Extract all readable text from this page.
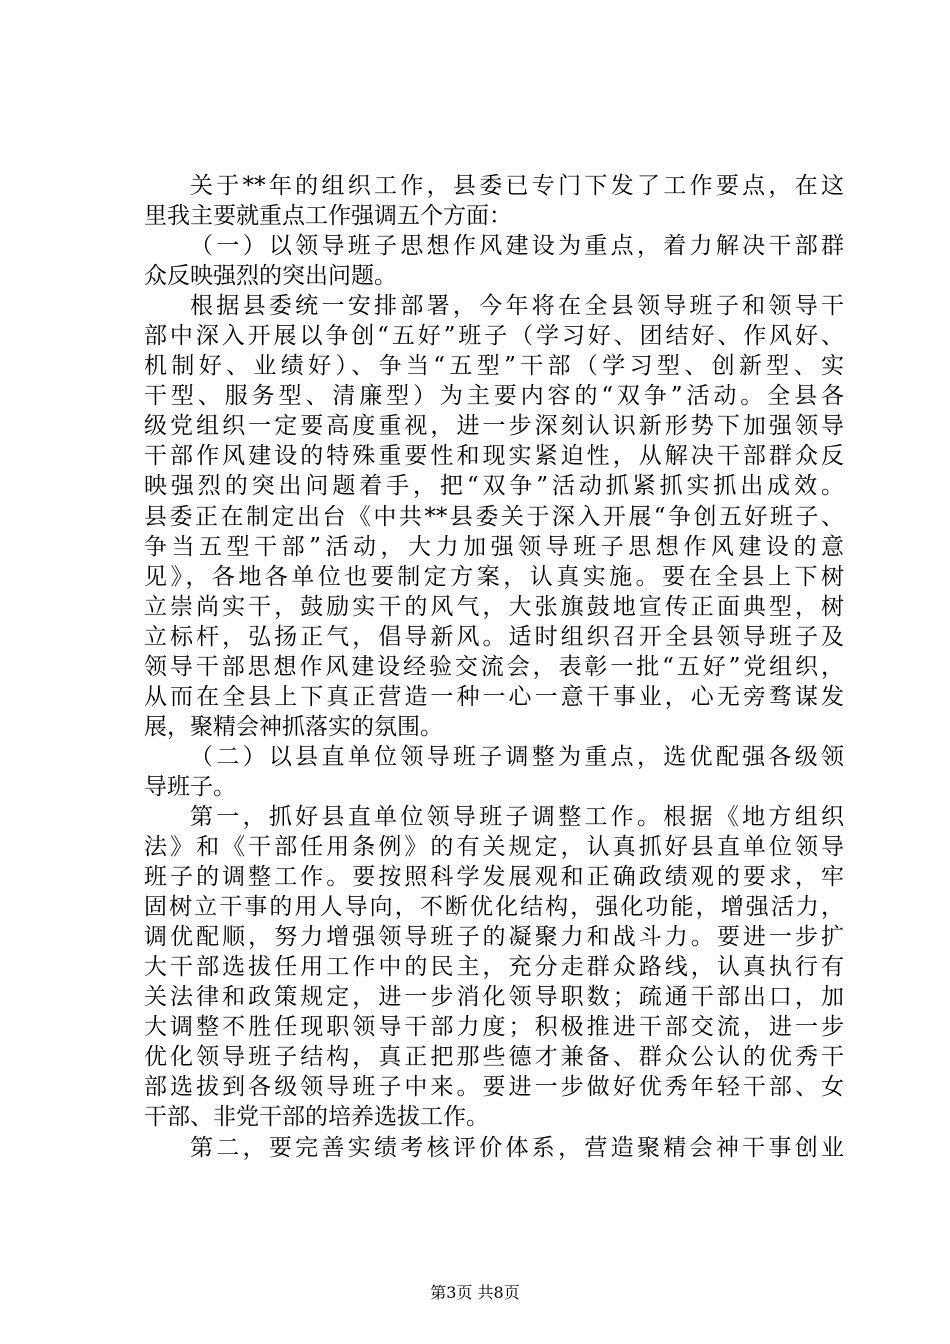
关于**年的组织工作，县委已专门下发了工作要点，在这
里我主要就重点工作强调五个方面：
（一）以领导班子思想作风建设为重点，着力解决干部群
众反映强烈的突出问题。
根据县委统一安排部署，今年将在全县领导班子和领导干
部中深入开展以争创“五好”班子（学习好、团结好、作风好、
机制好、业绩好）、争当“五型”干部（学习型、创新型、实
干型、服务型、清廉型）为主要内容的“双争”活动。全县各
级党组织一定要高度重视，进一步深刻认识新形势下加强领导
干部作风建设的特殊重要性和现实紧迫性，从解决干部群众反
映强烈的突出问题着手，把“双争”活动抓紧抓实抓出成效。
县委正在制定出台《中共**县委关于深入开展“争创五好班子、
争当五型干部”活动，大力加强领导班子思想作风建设的意
见》，各地各单位也要制定方案，认真实施。要在全县上下树
立崇尚实干，鼓励实干的风气，大张旗鼓地宣传正面典型，树
立标杆，弘扬正气，倡导新风。适时组织召开全县领导班子及
领导干部思想作风建设经验交流会，表彰一批“五好”党组织，
从而在全县上下真正营造一种一心一意干事业，心无旁骛谋发
展，聚精会神抓落实的氛围。
（二）以县直单位领导班子调整为重点，选优配强各级领
导班子。
第一，抓好县直单位领导班子调整工作。根据《地方组织
法》和《干部任用条例》的有关规定，认真抓好县直单位领导
班子的调整工作。要按照科学发展观和正确政绩观的要求，牢
固树立干事的用人导向，不断优化结构，强化功能，增强活力，
调优配顺，努力增强领导班子的凝聚力和战斗力。要进一步扩
大干部选拔任用工作中的民主，充分走群众路线，认真执行有
关法律和政策规定，进一步消化领导职数；疏通干部出口，加
大调整不胜任现职领导干部力度；积极推进干部交流，进一步
优化领导班子结构，真正把那些德才兼备、群众公认的优秀干
部选拔到各级领导班子中来。要进一步做好优秀年轻干部、女
干部、非党干部的培养选拔工作。
第二，要完善实绩考核评价体系，营造聚精会神干事创业
第3页 共8页
